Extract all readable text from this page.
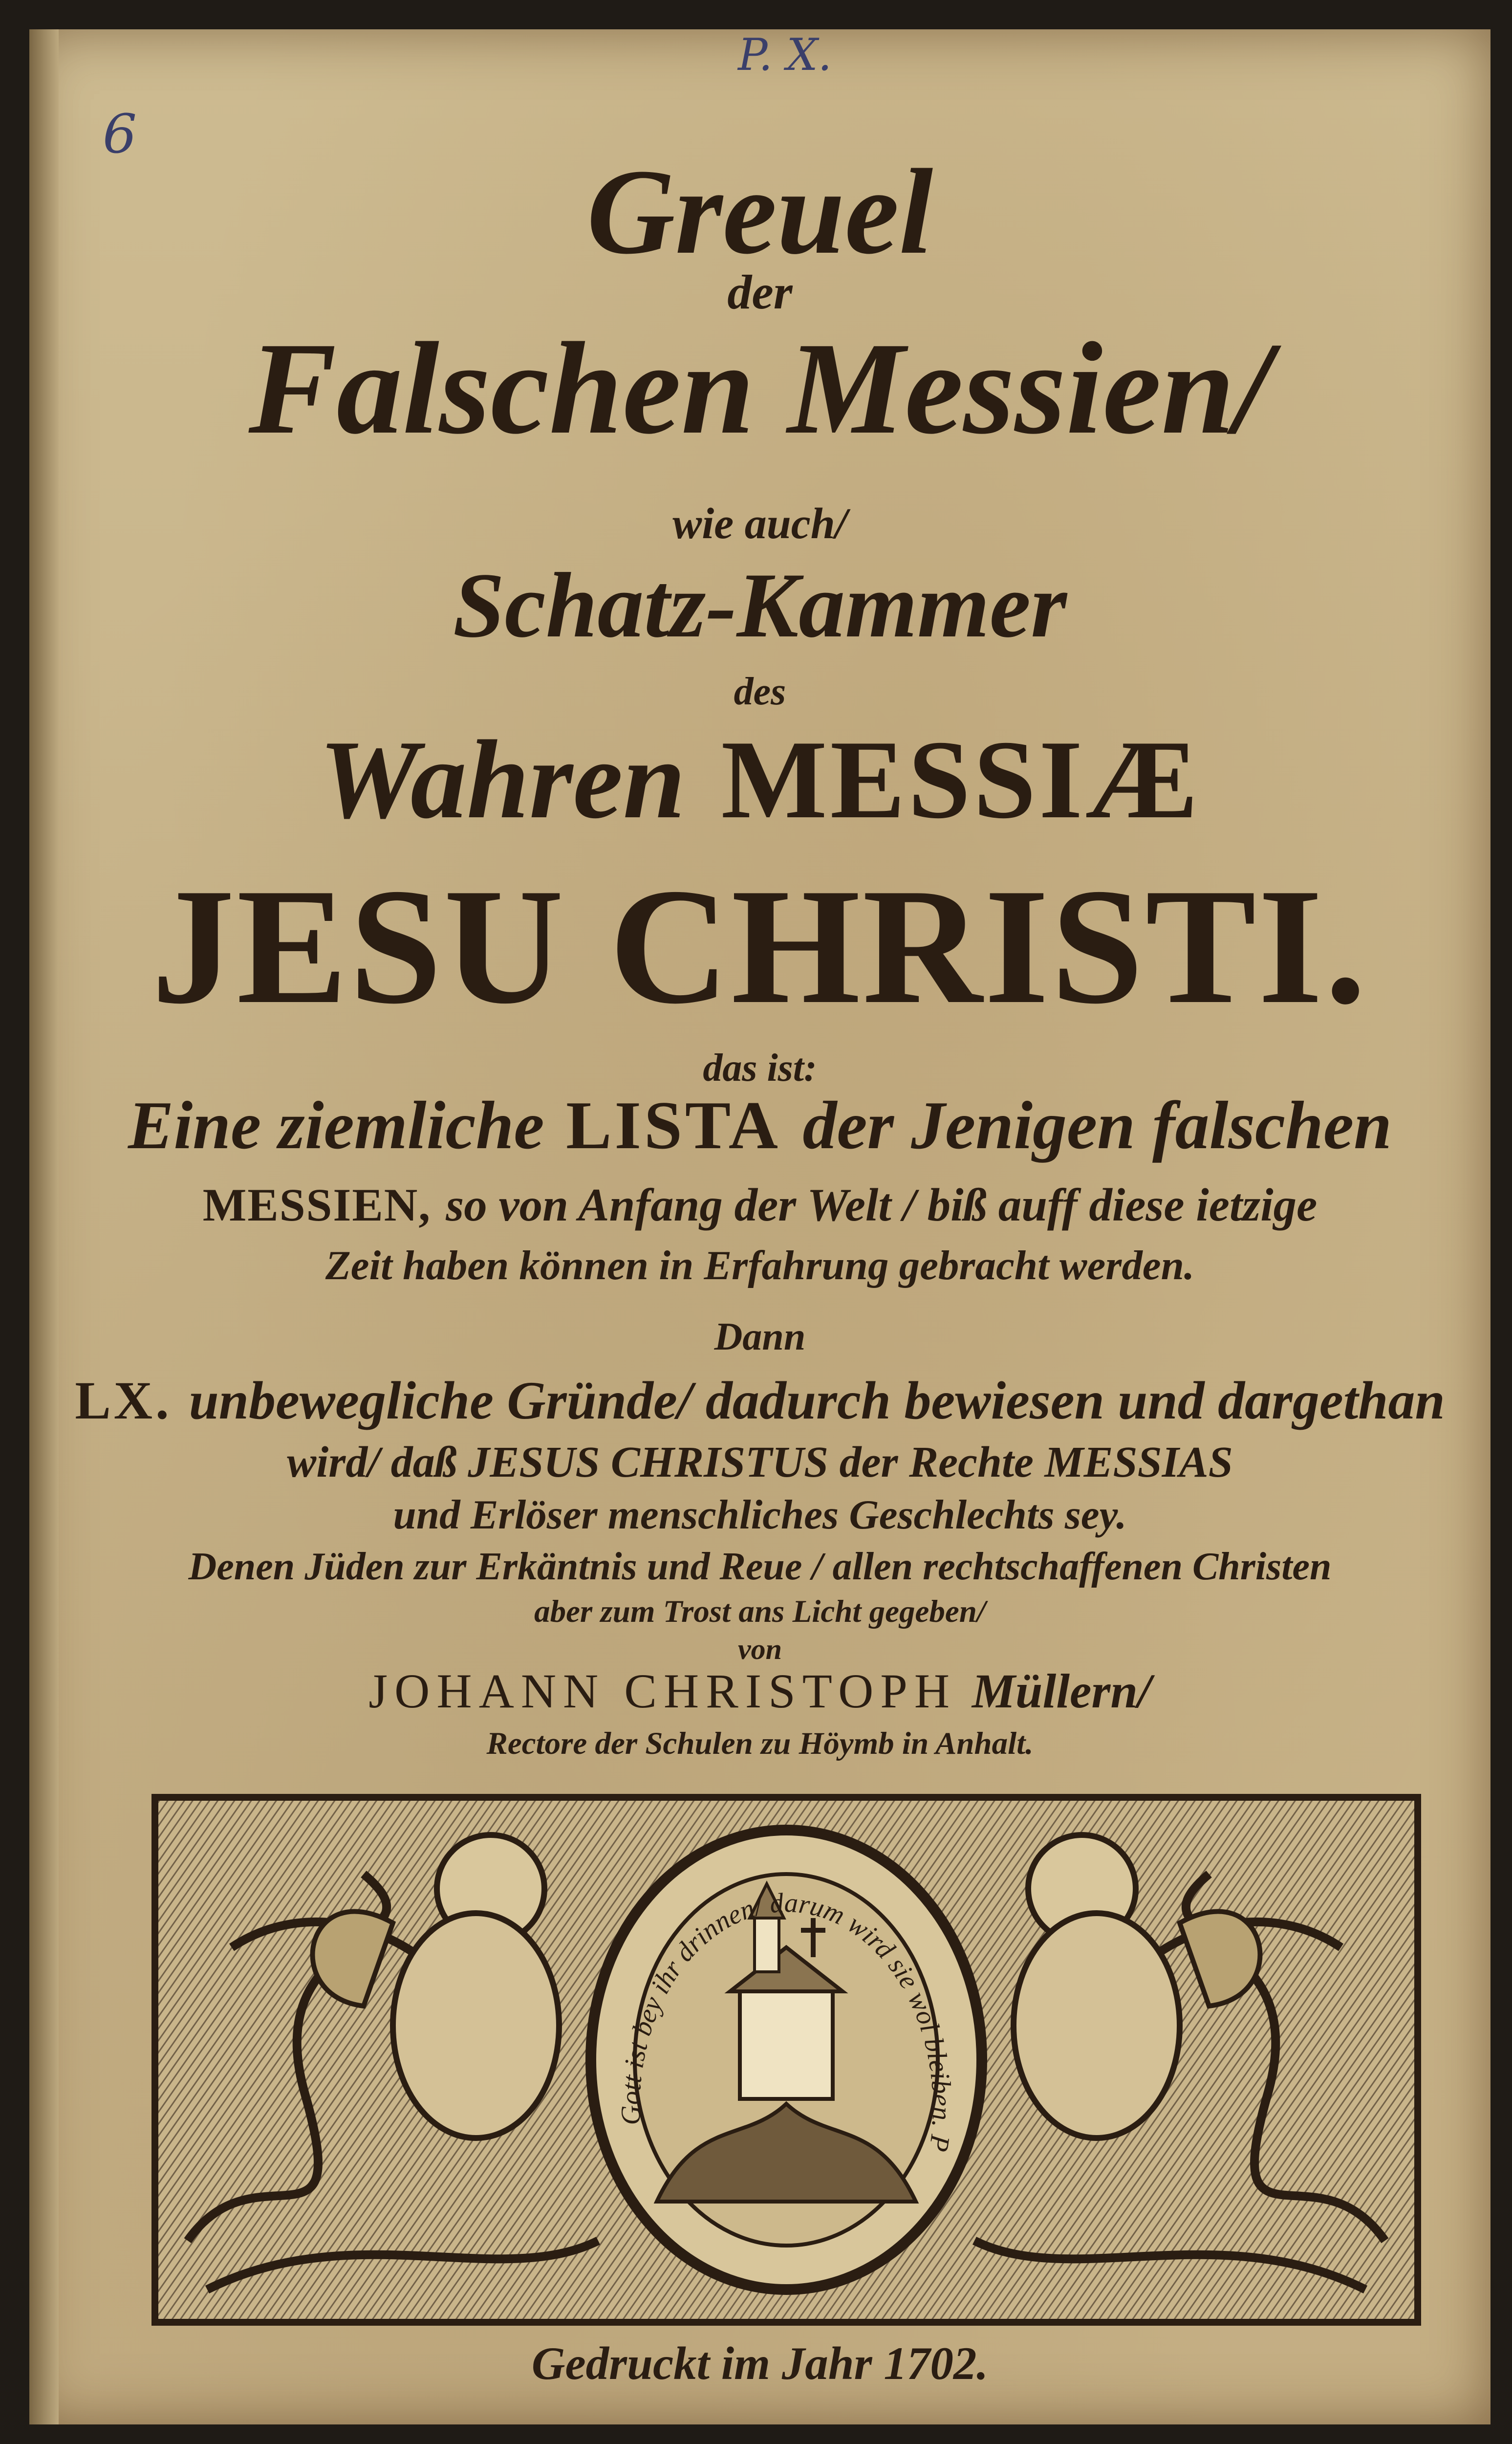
P. X.
6
Greuel
der
Falschen Messien/
wie auch/
Schatz-Kammer
des
Wahren MESSIÆ
JESU CHRISTI.
das ist:
Eine ziemliche LISTA der Jenigen falschen
MESSIEN, so von Anfang der Welt / biß auff diese ietzige
Zeit haben können in Erfahrung gebracht werden.
Dann
LX. unbewegliche Gründe/ dadurch bewiesen und dargethan
wird/ daß JESUS CHRISTUS der Rechte MESSIAS
und Erlöser menschliches Geschlechts sey.
Denen Jüden zur Erkäntnis und Reue / allen rechtschaffenen Christen
aber zum Trost ans Licht gegeben/
von
JOHANN CHRISTOPH Müllern/
Rectore der Schulen zu Höymb in Anhalt.
Gott ist bey ihr drinnen/ darum wird sie wol bleiben. P
Gedruckt im Jahr 1702.
